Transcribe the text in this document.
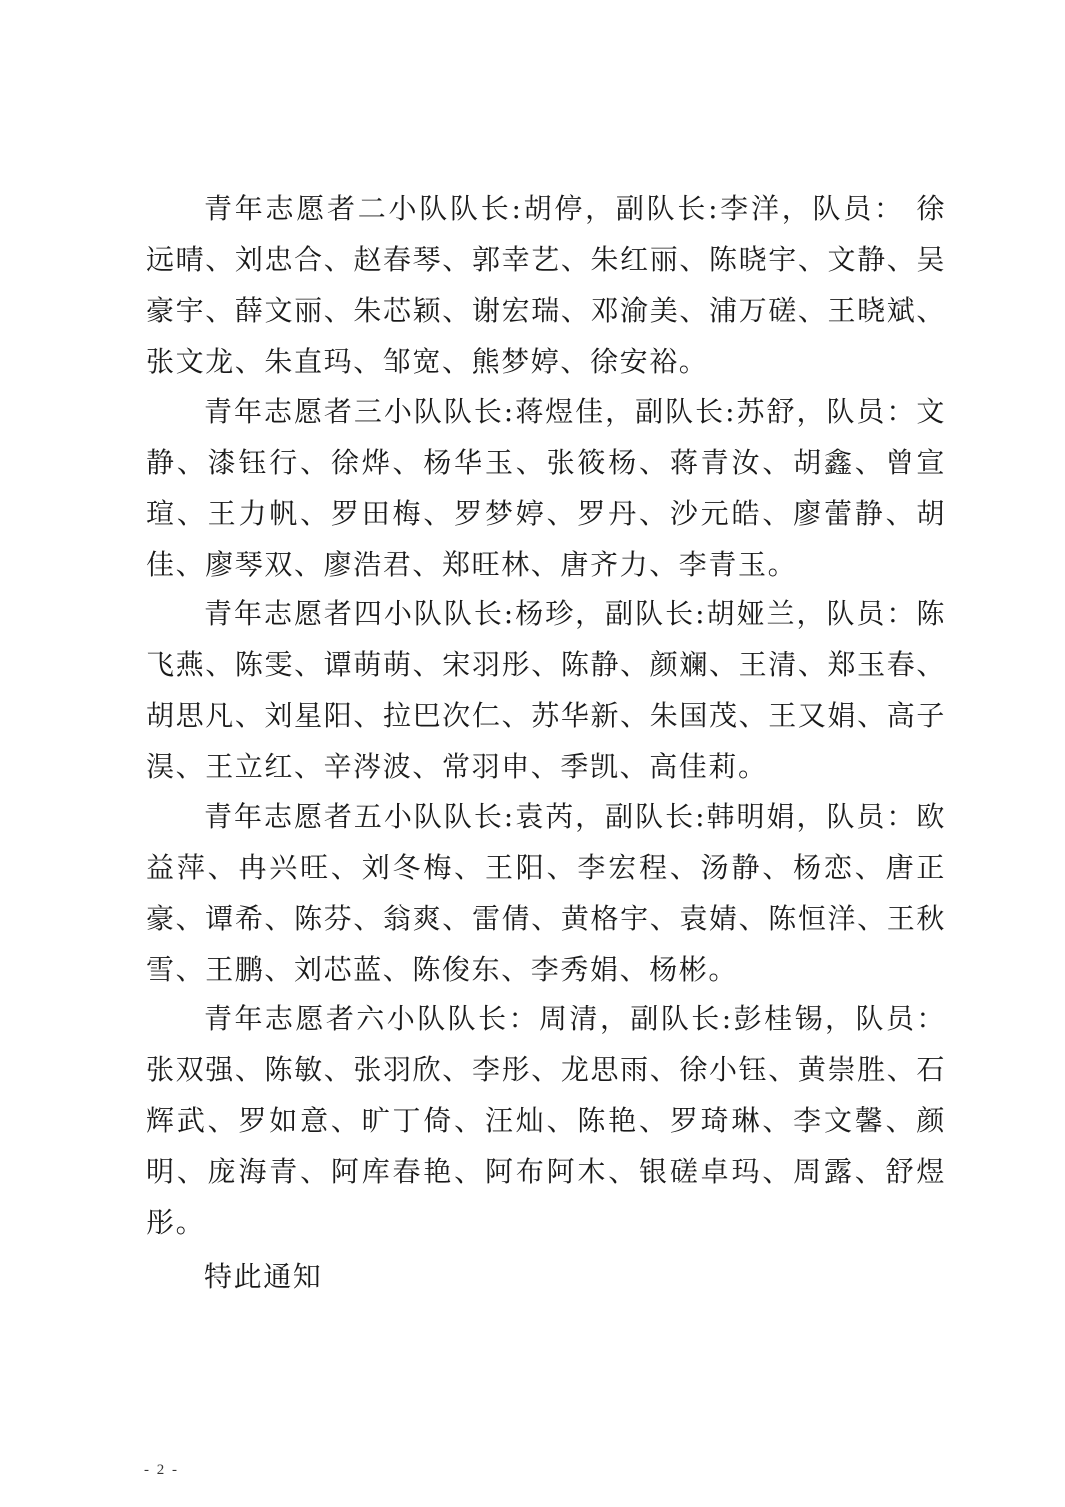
青年志愿者二小队队长:胡停，副队长:李洋，队员： 徐远晴、刘忠合、赵春琴、郭幸艺、朱红丽、陈晓宇、文静、吴豪宇、薛文丽、朱芯颖、谢宏瑞、邓渝美、浦万磋、王晓斌、张文龙、朱直玛、邹宽、熊梦婷、徐安裕。

青年志愿者三小队队长:蒋煜佳，副队长:苏舒，队员：文静、漆钰行、徐烨、杨华玉、张筱杨、蒋青汝、胡鑫、曾宣瑄、王力帆、罗田梅、罗梦婷、罗丹、沙元皓、廖蕾静、胡佳、廖琴双、廖浩君、郑旺林、唐齐力、李青玉。

青年志愿者四小队队长:杨珍，副队长:胡娅兰，队员：陈飞燕、陈雯、谭萌萌、宋羽彤、陈静、颜斓、王清、郑玉春、胡思凡、刘星阳、拉巴次仁、苏华新、朱国茂、王又娟、高子淏、王立红、辛涔波、常羽申、季凯、高佳莉。

青年志愿者五小队队长:袁芮，副队长:韩明娟，队员：欧益萍、冉兴旺、刘冬梅、王阳、李宏程、汤静、杨恋、唐正豪、谭希、陈芬、翁爽、雷倩、黄格宇、袁婧、陈恒洋、王秋雪、王鹏、刘芯蓝、陈俊东、李秀娟、杨彬。

青年志愿者六小队队长：周清，副队长:彭桂锡，队员：张双强、陈敏、张羽欣、李彤、龙思雨、徐小钰、黄崇胜、石辉武、罗如意、旷丁倚、汪灿、陈艳、罗琦琳、李文馨、颜明、庞海青、阿库春艳、阿布阿木、银磋卓玛、周露、舒煜彤。

特此通知

- 2 -
